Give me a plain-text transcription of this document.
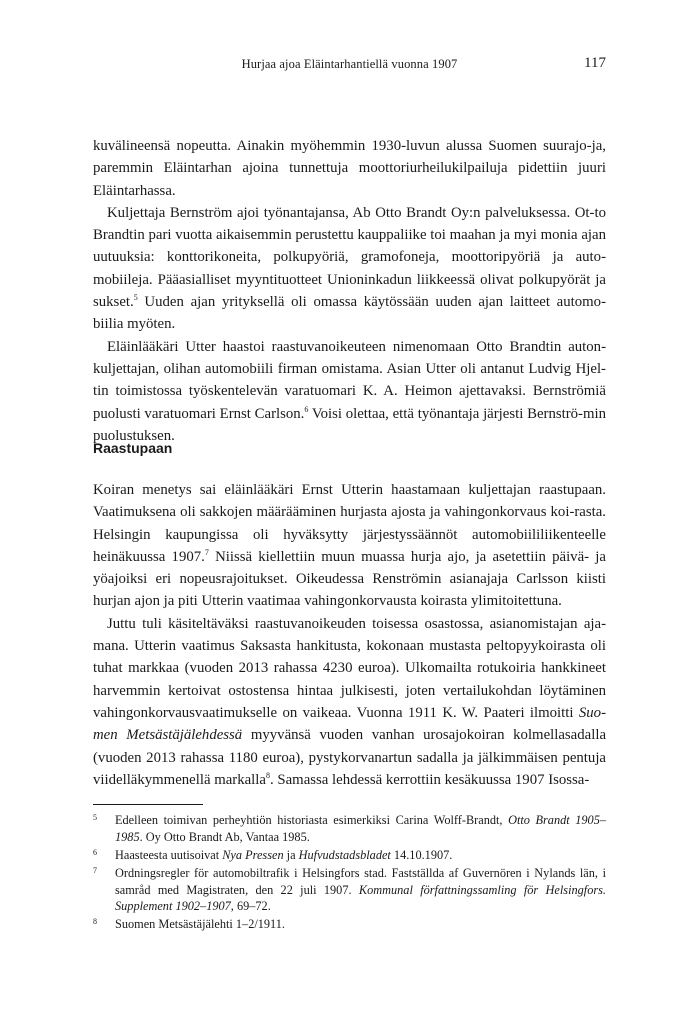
Hurjaa ajoa Eläintarhantiellä vuonna 1907	117

kuvälineensä nopeutta. Ainakin myöhemmin 1930-luvun alussa Suomen suurajo-ja, paremmin Eläintarhan ajoina tunnettuja moottoriurheilukilpailuja pidettiin juuri Eläintarhassa.

Kuljettaja Bernström ajoi työnantajansa, Ab Otto Brandt Oy:n palveluksessa. Ot-to Brandtin pari vuotta aikaisemmin perustettu kauppaliike toi maahan ja myi monia ajan uutuuksia: konttorikoneita, polkupyöriä, gramofoneja, moottoripyöriä ja auto-mobiileja. Pääasialliset myyntituotteet Unioninkadun liikkeessä olivat polkupyörät ja sukset.$^5$ Uuden ajan yrityksellä oli omassa käytössään uuden ajan laitteet automo-biilia myöten.

Eläinlääkäri Utter haastoi raastuvanoikeuteen nimenomaan Otto Brandtin auton-kuljettajan, olihan automobiili firman omistama. Asian Utter oli antanut Ludvig Hjel-tin toimistossa työskentelevän varatuomari K. A. Heimon ajettavaksi. Bernströmiä puolusti varatuomari Ernst Carlson.$^6$ Voisi olettaa, että työnantaja järjesti Bernströ-min puolustuksen.

Raastupaan

Koiran menetys sai eläinlääkäri Ernst Utterin haastamaan kuljettajan raastupaan. Vaatimuksena oli sakkojen määrääminen hurjasta ajosta ja vahingonkorvaus koi-rasta. Helsingin kaupungissa oli hyväksytty järjestyssäännöt automobiililiikenteelle heinäkuussa 1907.$^7$ Niissä kiellettiin muun muassa hurja ajo, ja asetettiin päivä- ja yöajoiksi eri nopeusrajoitukset. Oikeudessa Renströmin asianajaja Carlsson kiisti hurjan ajon ja piti Utterin vaatimaa vahingonkorvausta koirasta ylimitoitettuna.

Juttu tuli käsiteltäväksi raastuvanoikeuden toisessa osastossa, asianomistajan aja-mana. Utterin vaatimus Saksasta hankitusta, kokonaan mustasta peltopyykoirasta oli tuhat markkaa (vuoden 2013 rahassa 4230 euroa). Ulkomailta rotukoiria hankkineet harvemmin kertoivat ostostensa hintaa julkisesti, joten vertailukohdan löytäminen vahingonkorvausvaatimukselle on vaikeaa. Vuonna 1911 K. W. Paateri ilmoitti Suo-men Metsästäjälehdessä myyvänsä vuoden vanhan urosajokoiran kolmellasadalla (vuoden 2013 rahassa 1180 euroa), pystykorvanartun sadalla ja jälkimmäisen pentuja viidelläkymmenellä markalla$^8$. Samassa lehdessä kerrottiin kesäkuussa 1907 Isossa-

5 Edelleen toimivan perheyhtiön historiasta esimerkiksi Carina Wolff-Brandt, Otto Brandt 1905–1985. Oy Otto Brandt Ab, Vantaa 1985.
6 Haasteesta uutisoivat Nya Pressen ja Hufvudstadsbladet 14.10.1907.
7 Ordningsregler för automobiltrafik i Helsingfors stad. Fastställda af Guvernören i Nylands län, i samråd med Magistraten, den 22 juli 1907. Kommunal författningssamling för Helsingfors. Supplement 1902–1907, 69–72.
8 Suomen Metsästäjälehti 1–2/1911.
